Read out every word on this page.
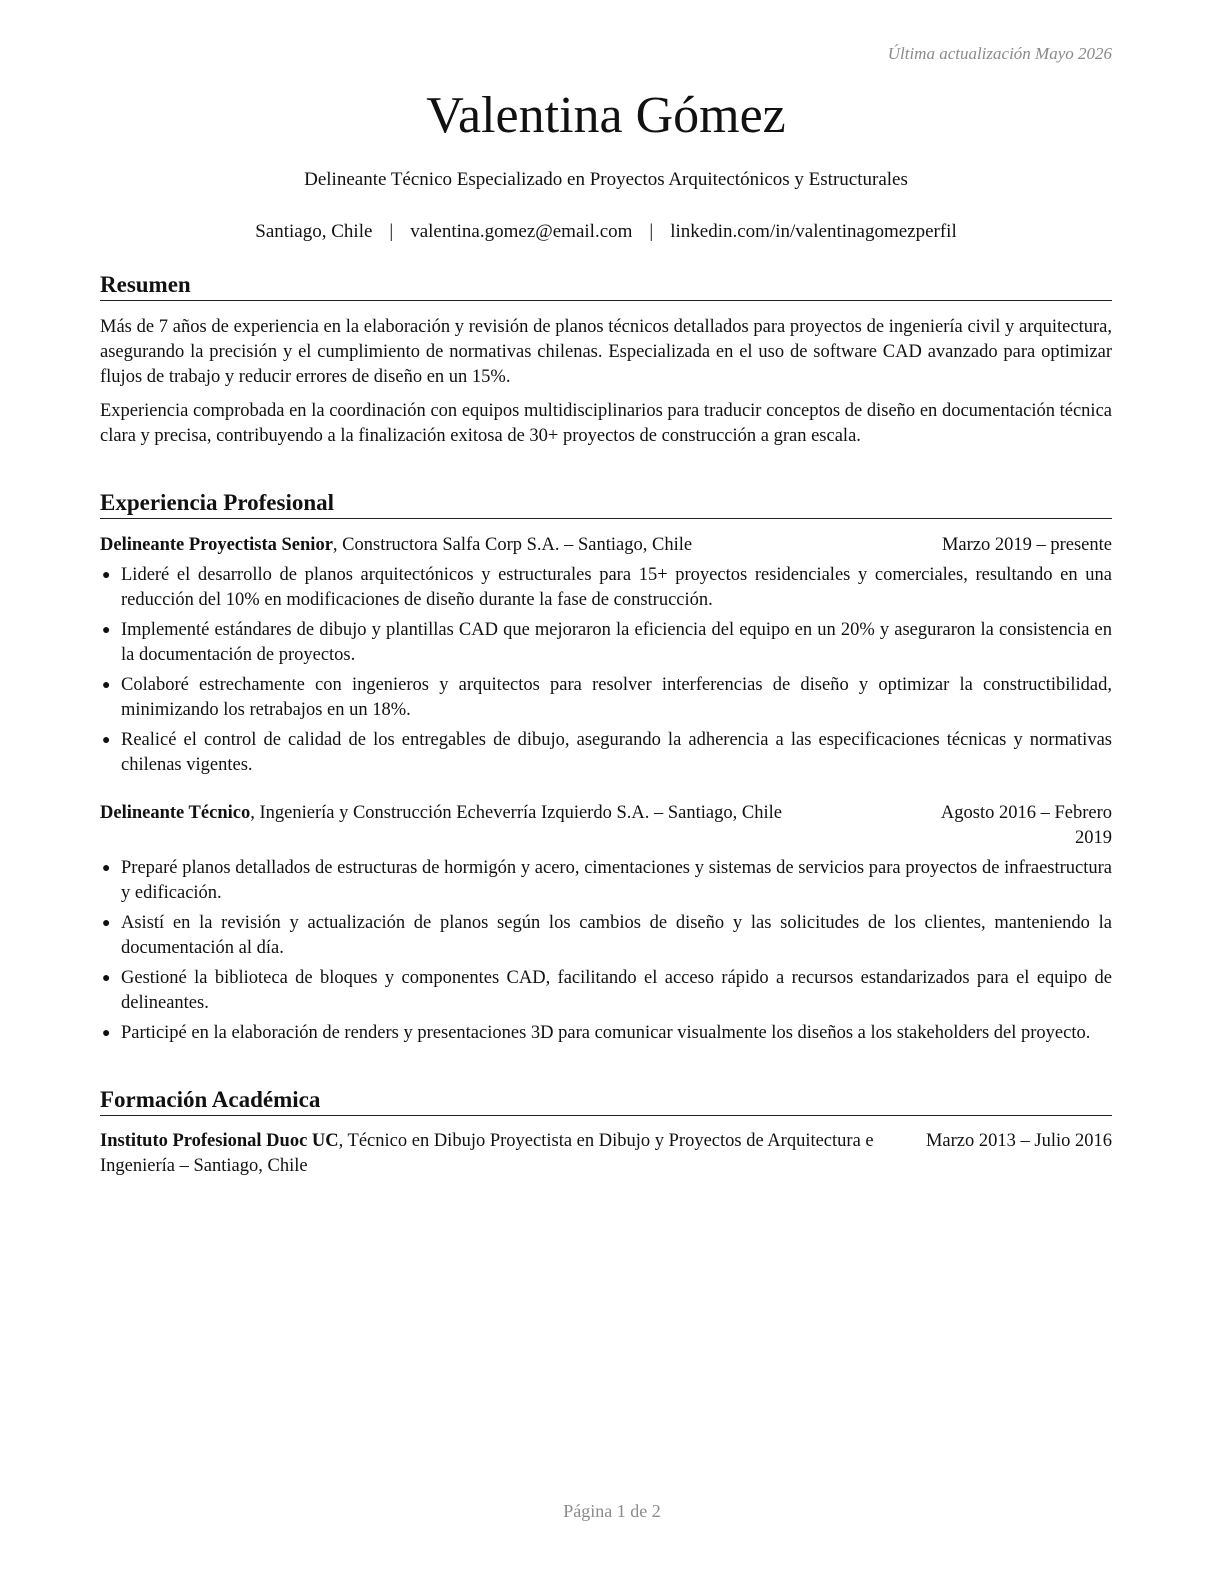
Última actualización Mayo 2026
Valentina Gómez
Delineante Técnico Especializado en Proyectos Arquitectónicos y Estructurales
Santiago, Chile | valentina.gomez@email.com | linkedin.com/in/valentinagomezperfil
Resumen
Más de 7 años de experiencia en la elaboración y revisión de planos técnicos detallados para proyectos de ingeniería civil y arquitectura, asegurando la precisión y el cumplimiento de normativas chilenas. Especializada en el uso de software CAD avanzado para optimizar flujos de trabajo y reducir errores de diseño en un 15%.
Experiencia comprobada en la coordinación con equipos multidisciplinarios para traducir conceptos de diseño en documentación técnica clara y precisa, contribuyendo a la finalización exitosa de 30+ proyectos de construcción a gran escala.
Experiencia Profesional
Delineante Proyectista Senior, Constructora Salfa Corp S.A. – Santiago, Chile	Marzo 2019 – presente
● Lideré el desarrollo de planos arquitectónicos y estructurales para 15+ proyectos residenciales y comerciales, resultando en una reducción del 10% en modificaciones de diseño durante la fase de construcción.
● Implementé estándares de dibujo y plantillas CAD que mejoraron la eficiencia del equipo en un 20% y aseguraron la consistencia en la documentación de proyectos.
● Colaboré estrechamente con ingenieros y arquitectos para resolver interferencias de diseño y optimizar la constructibilidad, minimizando los retrabajos en un 18%.
● Realicé el control de calidad de los entregables de dibujo, asegurando la adherencia a las especificaciones técnicas y normativas chilenas vigentes.
Delineante Técnico, Ingeniería y Construcción Echeverría Izquierdo S.A. – Santiago, Chile	Agosto 2016 – Febrero 2019
● Preparé planos detallados de estructuras de hormigón y acero, cimentaciones y sistemas de servicios para proyectos de infraestructura y edificación.
● Asistí en la revisión y actualización de planos según los cambios de diseño y las solicitudes de los clientes, manteniendo la documentación al día.
● Gestioné la biblioteca de bloques y componentes CAD, facilitando el acceso rápido a recursos estandarizados para el equipo de delineantes.
● Participé en la elaboración de renders y presentaciones 3D para comunicar visualmente los diseños a los stakeholders del proyecto.
Formación Académica
Instituto Profesional Duoc UC, Técnico en Dibujo Proyectista en Dibujo y Proyectos de Arquitectura e Ingeniería – Santiago, Chile
Marzo 2013 – Julio 2016
Página 1 de 2
